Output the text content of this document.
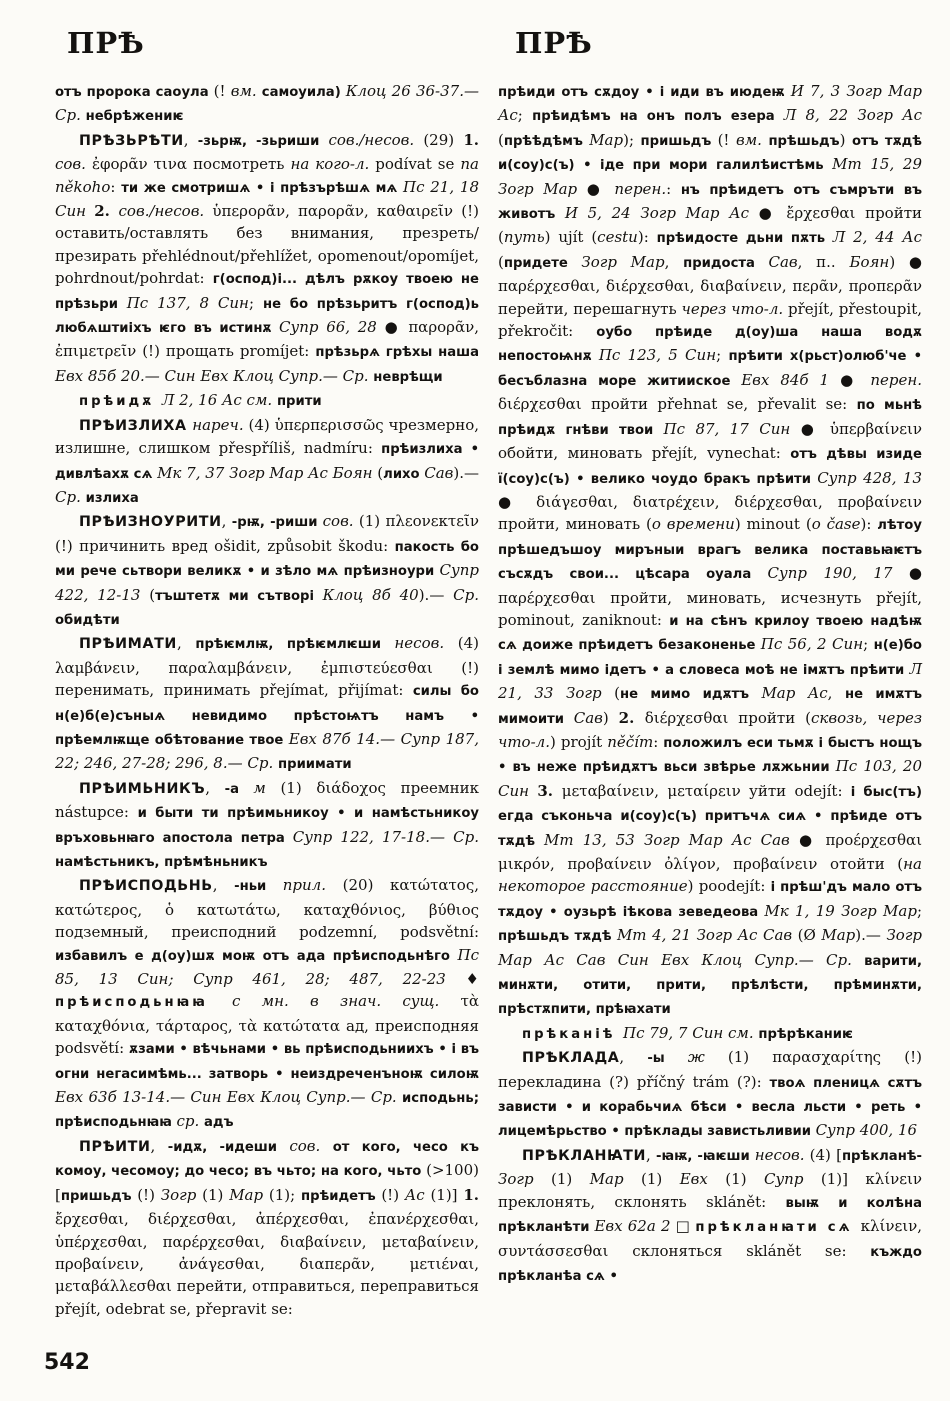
ПРѢ	ПРѢ

отъ пророка саоула (! вм. самоуила) Клоц 26 36-37.— Ср. небрѣжениѥ

ПРѢЗЬРѢТИ, -зьрѭ, -зьриши сов./несов. (29) 1. сов. ἐφορᾶν τινα посмотреть на кого-л. podívat se na někoho: ти же смотришѧ • і прѣзърѣшѧ мѧ Пс 21, 18 Син 2. сов./несов. ὑπερορᾶν, παρορᾶν, καθαιρεῖν (!) оставить/оставлять без внимания, презреть/презирать přehlédnout/přehlížet, opomenout/opomíjet, pohrdnout/pohrdat: г(оспод)і... дѣлъ рѫкоу твоею не прѣзьри Пс 137, 8 Син; не бо прѣзьритъ г(оспод)ь любѧштиіхъ ѥго въ истинѫ Супр 66, 28 ● παρορᾶν, ἐπιμετρεῖν (!) прощать promíjet: прѣзьрѧ грѣхы наша Евх 85б 20.— Син Евх Клоц Супр.— Ср. неврѣщи

прѣидѫ Л 2, 16 Ас см. прити

ПРѢИЗЛИХА нареч. (4) ὑπερπερισσῶς чрезмерно, излишне, слишком přespříliš, nadmíru: прѣизлиха • дивлѣахѫ сѧ Мк 7, 37 Зогр Мар Ас Боян (лихо Сав).— Ср. излиха

ПРѢИЗНОУРИТИ, -рѭ, -риши сов. (1) πλεονεκτεῖν (!) причинить вред ošidit, způsobit škodu: пакость бо ми рече сьтвори великѫ • и зѣло мѧ прѣизноури Супр 422, 12-13 (тъштетѫ ми сътворі Клоц 8б 40).— Ср. обидѣти

ПРѢИМАТИ, прѣѥмлѭ, прѣѥмлѥши несов. (4) λαμβάνειν, παραλαμβάνειν, ἐμπιστεύεσθαι (!) перенимать, принимать přejímat, přijímat: силы бо н(е)б(е)съныѧ невидимо прѣстоѩтъ намъ • прѣемлѭще обѣтование твое Евх 87б 14.— Супр 187, 22; 246, 27-28; 296, 8.— Ср. приимати

ПРѢИМЬНИКЪ, -а м (1) διάδοχος преемник nástupce: и быти ти прѣимьникоу • и намѣстьникоу връховьнꙗго апостола петра Супр 122, 17-18.— Ср. намѣстьникъ, прѣмѣньникъ

ПРѢИСПОДЬНЬ, -ньи прил. (20) κατώτατος, κατώτερος, ὁ κατωτάτω, καταχθόνιος, βύθιος подземный, преисподний podzemní, podsvětní: избавилъ е д(оу)шѫ моѭ отъ ада прѣисподьнѣго Пс 85, 13 Син; Супр 461, 28; 487, 22-23 ♦ прѣисподьнꙗꙗ с мн. в знач. сущ. τὰ καταχθόνια, τάρταρος, τὰ κατώτατα ад, преисподняя podsvětí: ѫзами • вѣчьнами • вь прѣисподьниихъ • і въ огни негасимѣмь... затворь • неиздреченъноѭ силоѭ Евх 63б 13-14.— Син Евх Клоц Супр.— Ср. исподьнь; прѣисподьнꙗꙗ ср. адъ

ПРѢИТИ, -идѫ, -идеши сов. от кого, чесо къ комоу, чесомоу; до чесо; въ чьто; на кого, чьто (>100) [пришьдъ (!) Зогр (1) Мар (1); прѣидетъ (!) Ас (1)] 1. ἔρχεσθαι, διέρχεσθαι, ἀπέρχεσθαι, ἐπανέρχεσθαι, ὑπέρχεσθαι, παρέρχεσθαι, διαβαίνειν, μεταβαίνειν, προβαίνειν, ἀνάγεσθαι, διαπερᾶν, μετιέναι, μεταβάλλεσθαι перейти, отправиться, переправиться přejít, odebrat se, přepravit se:

прѣиди отъ сѫдоу • і иди въ июдеѭ И 7, 3 Зогр Мар Ас; прѣидѣмъ на онъ полъ езера Л 8, 22 Зогр Ас (прѣѣдѣмъ Мар); пришьдъ (! вм. прѣшьдъ) отъ тѫдѣ и(соу)с(ъ) • іде при мори галилѣистѣмь Мт 15, 29 Зогр Мар ● перен.: нъ прѣидетъ отъ съмръти въ животъ И 5, 24 Зогр Мар Ас ● ἔρχεσθαι пройти (путь) ujít (cestu): прѣидосте дьни пѫть Л 2, 44 Ас (придете Зогр Мар, придоста Сав, п.. Боян) ● παρέρχεσθαι, διέρχεσθαι, διαβαίνειν, περᾶν, προπερᾶν перейти, перешагнуть через что-л. přejít, přestoupit, překročit: оубо прѣиде д(оу)ша наша водѫ непостоѩнѫ Пс 123, 5 Син; прѣити х(рьст)олюб'че • бесъблазна море житииское Евх 84б 1 ● перен. διέρχεσθαι пройти přehnat se, převalit se: по мьнѣ прѣидѫ гнѣви твои Пс 87, 17 Син ● ὑπερβαίνειν обойти, миновать přejít, vynechat: отъ дѣвы изиде ї(соу)с(ъ) • велико чоудо бракъ прѣити Супр 428, 13 ● διάγεσθαι, διατρέχειν, διέρχεσθαι, προβαίνειν пройти, миновать (о времени) minout (o čase): лѣтоу прѣшедъшоу миръныи врагъ велика поставьꙗѥтъ съсѫдъ свои... цѣсара оуала Супр 190, 17 ● παρέρχεσθαι пройти, миновать, исчезнуть přejít, pominout, zaniknout: и на сѣнъ крилоу твоею надѣѭ сѧ доиже прѣидетъ безаконенье Пс 56, 2 Син; н(е)бо і землѣ мимо ідетъ • а словеса моѣ не імѫтъ прѣити Л 21, 33 Зогр (не мимо идѫтъ Мар Ас, не имѫтъ мимоити Сав) 2. διέρχεσθαι пройти (сквозь, через что-л.) projít něčím: положилъ еси тьмѫ і быстъ нощъ • въ неже прѣидѫтъ вьси звѣрье лѫжьнии Пс 103, 20 Син 3. μεταβαίνειν, μεταίρειν уйти odejít: і быс(тъ) егда съконьча и(соу)с(ъ) притъчѧ сиѧ • прѣиде отъ тѫдѣ Мт 13, 53 Зогр Мар Ас Сав ● προέρχεσθαι μικρόν, προβαίνειν ὀλίγον, προβαίνειν отойти (на некоторое расстояние) poodejít: і прѣш'дъ мало отъ тѫдоу • оузьрѣ іѣкова зеведеова Мк 1, 19 Зогр Мар; прѣшьдъ тѫдѣ Мт 4, 21 Зогр Ас Сав (Ø Мар).— Зогр Мар Ас Сав Син Евх Клоц Супр.— Ср. варити, минѫти, отити, прити, прѣлѣсти, прѣминѫти, прѣстѫпити, прѣꙗхати

прѣканіѣ Пс 79, 7 Син см. прѣрѣканиѥ

ПРѢКЛАДА, -ы ж (1) παρασχαρίτης (!) перекладина (?) příčný trám (?): твоѧ пленицѧ сѫтъ зависти • и корабьчиѧ бѣси • весла льсти • реть • лицемѣрьство • прѣклады завистьливии Супр 400, 16

ПРѢКЛАНꙖТИ, -ꙗѭ, -ꙗѥши несов. (4) [прѣкланѣ- Зогр (1) Мар (1) Евх (1) Супр (1)] κλίνειν преклонять, склонять sklánět: выѭ и колѣна прѣкланѣти Евх 62а 2 □ прѣкланꙗти сѧ κλίνειν, συντάσσεσθαι склоняться sklánět se: къждо прѣкланѣа сѧ •

542
